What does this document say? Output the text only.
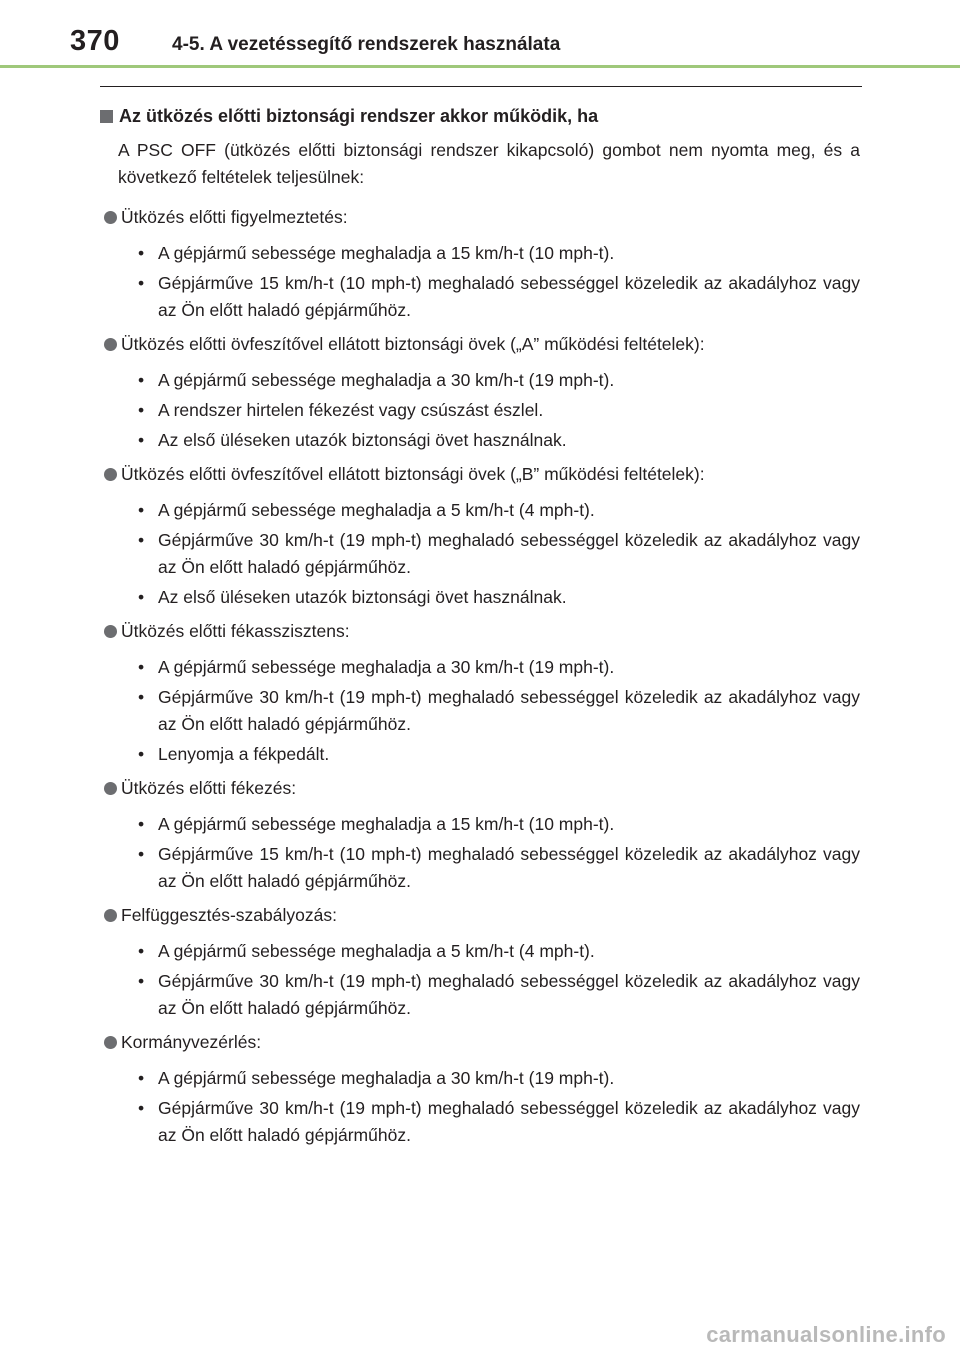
370	4-5. A vezetéssegítő rendszerek használata
Az ütközés előtti biztonsági rendszer akkor működik, ha
A PSC OFF (ütközés előtti biztonsági rendszer kikapcsoló) gombot nem nyomta meg, és a következő feltételek teljesülnek:
Ütközés előtti figyelmeztetés:
• A gépjármű sebessége meghaladja a 15 km/h-t (10 mph-t).
• Gépjárműve 15 km/h-t (10 mph-t) meghaladó sebességgel közeledik az akadályhoz vagy az Ön előtt haladó gépjárműhöz.
Ütközés előtti övfeszítővel ellátott biztonsági övek („A” működési feltételek):
• A gépjármű sebessége meghaladja a 30 km/h-t (19 mph-t).
• A rendszer hirtelen fékezést vagy csúszást észlel.
• Az első üléseken utazók biztonsági övet használnak.
Ütközés előtti övfeszítővel ellátott biztonsági övek („B” működési feltételek):
• A gépjármű sebessége meghaladja a 5 km/h-t (4 mph-t).
• Gépjárműve 30 km/h-t (19 mph-t) meghaladó sebességgel közeledik az akadályhoz vagy az Ön előtt haladó gépjárműhöz.
• Az első üléseken utazók biztonsági övet használnak.
Ütközés előtti fékasszisztens:
• A gépjármű sebessége meghaladja a 30 km/h-t (19 mph-t).
• Gépjárműve 30 km/h-t (19 mph-t) meghaladó sebességgel közeledik az akadályhoz vagy az Ön előtt haladó gépjárműhöz.
• Lenyomja a fékpedált.
Ütközés előtti fékezés:
• A gépjármű sebessége meghaladja a 15 km/h-t (10 mph-t).
• Gépjárműve 15 km/h-t (10 mph-t) meghaladó sebességgel közeledik az akadályhoz vagy az Ön előtt haladó gépjárműhöz.
Felfüggesztés-szabályozás:
• A gépjármű sebessége meghaladja a 5 km/h-t (4 mph-t).
• Gépjárműve 30 km/h-t (19 mph-t) meghaladó sebességgel közeledik az akadályhoz vagy az Ön előtt haladó gépjárműhöz.
Kormányvezérlés:
• A gépjármű sebessége meghaladja a 30 km/h-t (19 mph-t).
• Gépjárműve 30 km/h-t (19 mph-t) meghaladó sebességgel közeledik az akadályhoz vagy az Ön előtt haladó gépjárműhöz.
carmanualsonline.info
